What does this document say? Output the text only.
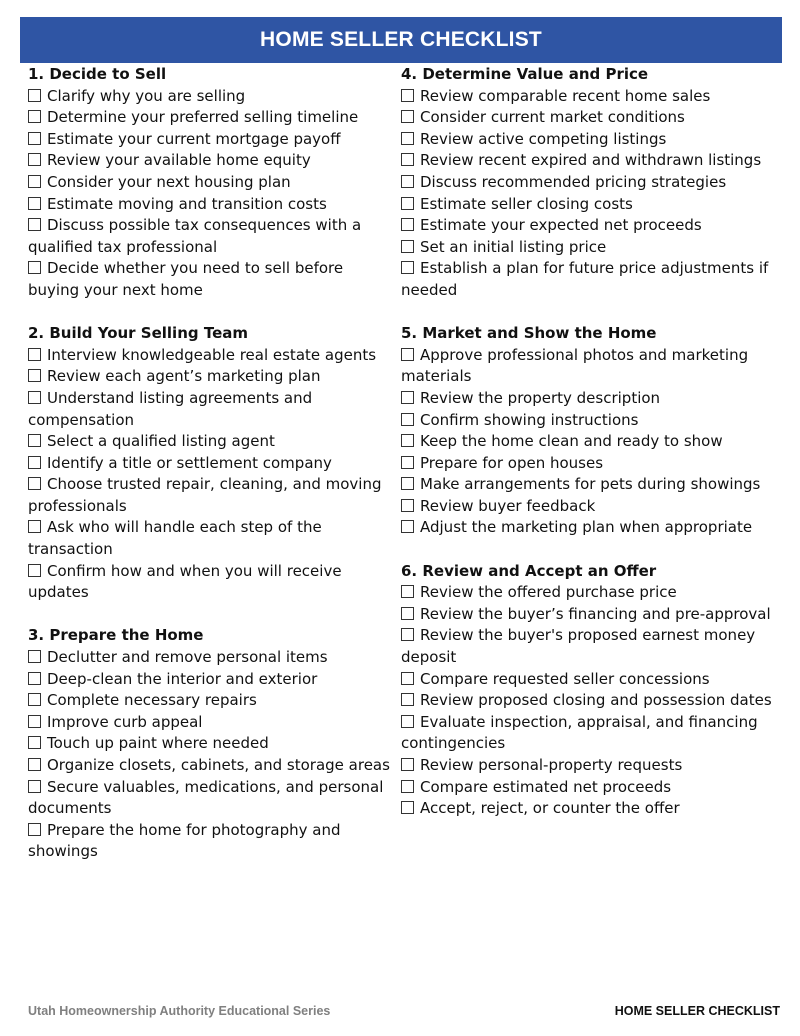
HOME SELLER CHECKLIST
1. Decide to Sell
Clarify why you are selling
Determine your preferred selling timeline
Estimate your current mortgage payoff
Review your available home equity
Consider your next housing plan
Estimate moving and transition costs
Discuss possible tax consequences with a qualified tax professional
Decide whether you need to sell before buying your next home
2. Build Your Selling Team
Interview knowledgeable real estate agents
Review each agent’s marketing plan
Understand listing agreements and compensation
Select a qualified listing agent
Identify a title or settlement company
Choose trusted repair, cleaning, and moving professionals
Ask who will handle each step of the transaction
Confirm how and when you will receive updates
3. Prepare the Home
Declutter and remove personal items
Deep-clean the interior and exterior
Complete necessary repairs
Improve curb appeal
Touch up paint where needed
Organize closets, cabinets, and storage areas
Secure valuables, medications, and personal documents
Prepare the home for photography and showings
4. Determine Value and Price
Review comparable recent home sales
Consider current market conditions
Review active competing listings
Review recent expired and withdrawn listings
Discuss recommended pricing strategies
Estimate seller closing costs
Estimate your expected net proceeds
Set an initial listing price
Establish a plan for future price adjustments if needed
5. Market and Show the Home
Approve professional photos and marketing materials
Review the property description
Confirm showing instructions
Keep the home clean and ready to show
Prepare for open houses
Make arrangements for pets during showings
Review buyer feedback
Adjust the marketing plan when appropriate
6. Review and Accept an Offer
Review the offered purchase price
Review the buyer’s financing and pre-approval
Review the buyer's proposed earnest money deposit
Compare requested seller concessions
Review proposed closing and possession dates
Evaluate inspection, appraisal, and financing contingencies
Review personal-property requests
Compare estimated net proceeds
Accept, reject, or counter the offer
Utah Homeownership Authority Educational Series	HOME SELLER CHECKLIST
